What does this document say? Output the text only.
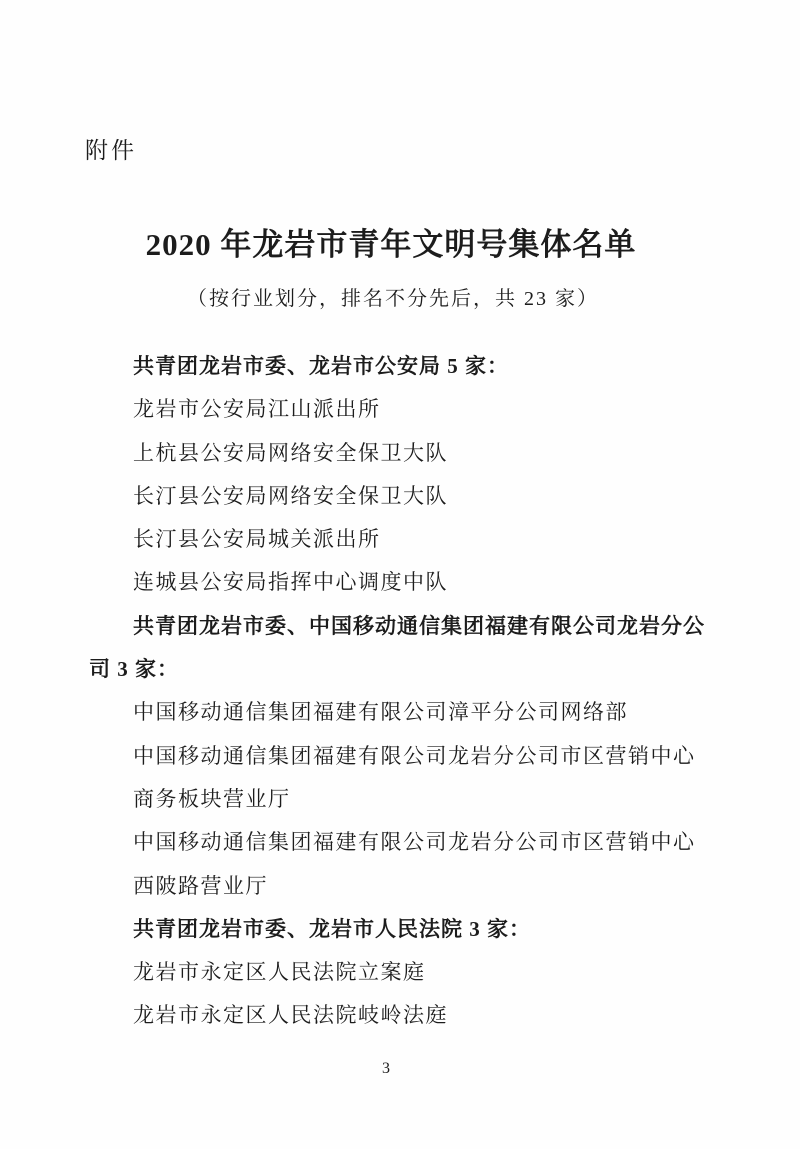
附件
2020 年龙岩市青年文明号集体名单
（按行业划分，排名不分先后，共 23 家）
共青团龙岩市委、龙岩市公安局 5 家：
龙岩市公安局江山派出所
上杭县公安局网络安全保卫大队
长汀县公安局网络安全保卫大队
长汀县公安局城关派出所
连城县公安局指挥中心调度中队
共青团龙岩市委、中国移动通信集团福建有限公司龙岩分公
司 3 家：
中国移动通信集团福建有限公司漳平分公司网络部
中国移动通信集团福建有限公司龙岩分公司市区营销中心
商务板块营业厅
中国移动通信集团福建有限公司龙岩分公司市区营销中心
西陂路营业厅
共青团龙岩市委、龙岩市人民法院 3 家：
龙岩市永定区人民法院立案庭
龙岩市永定区人民法院岐岭法庭
3
